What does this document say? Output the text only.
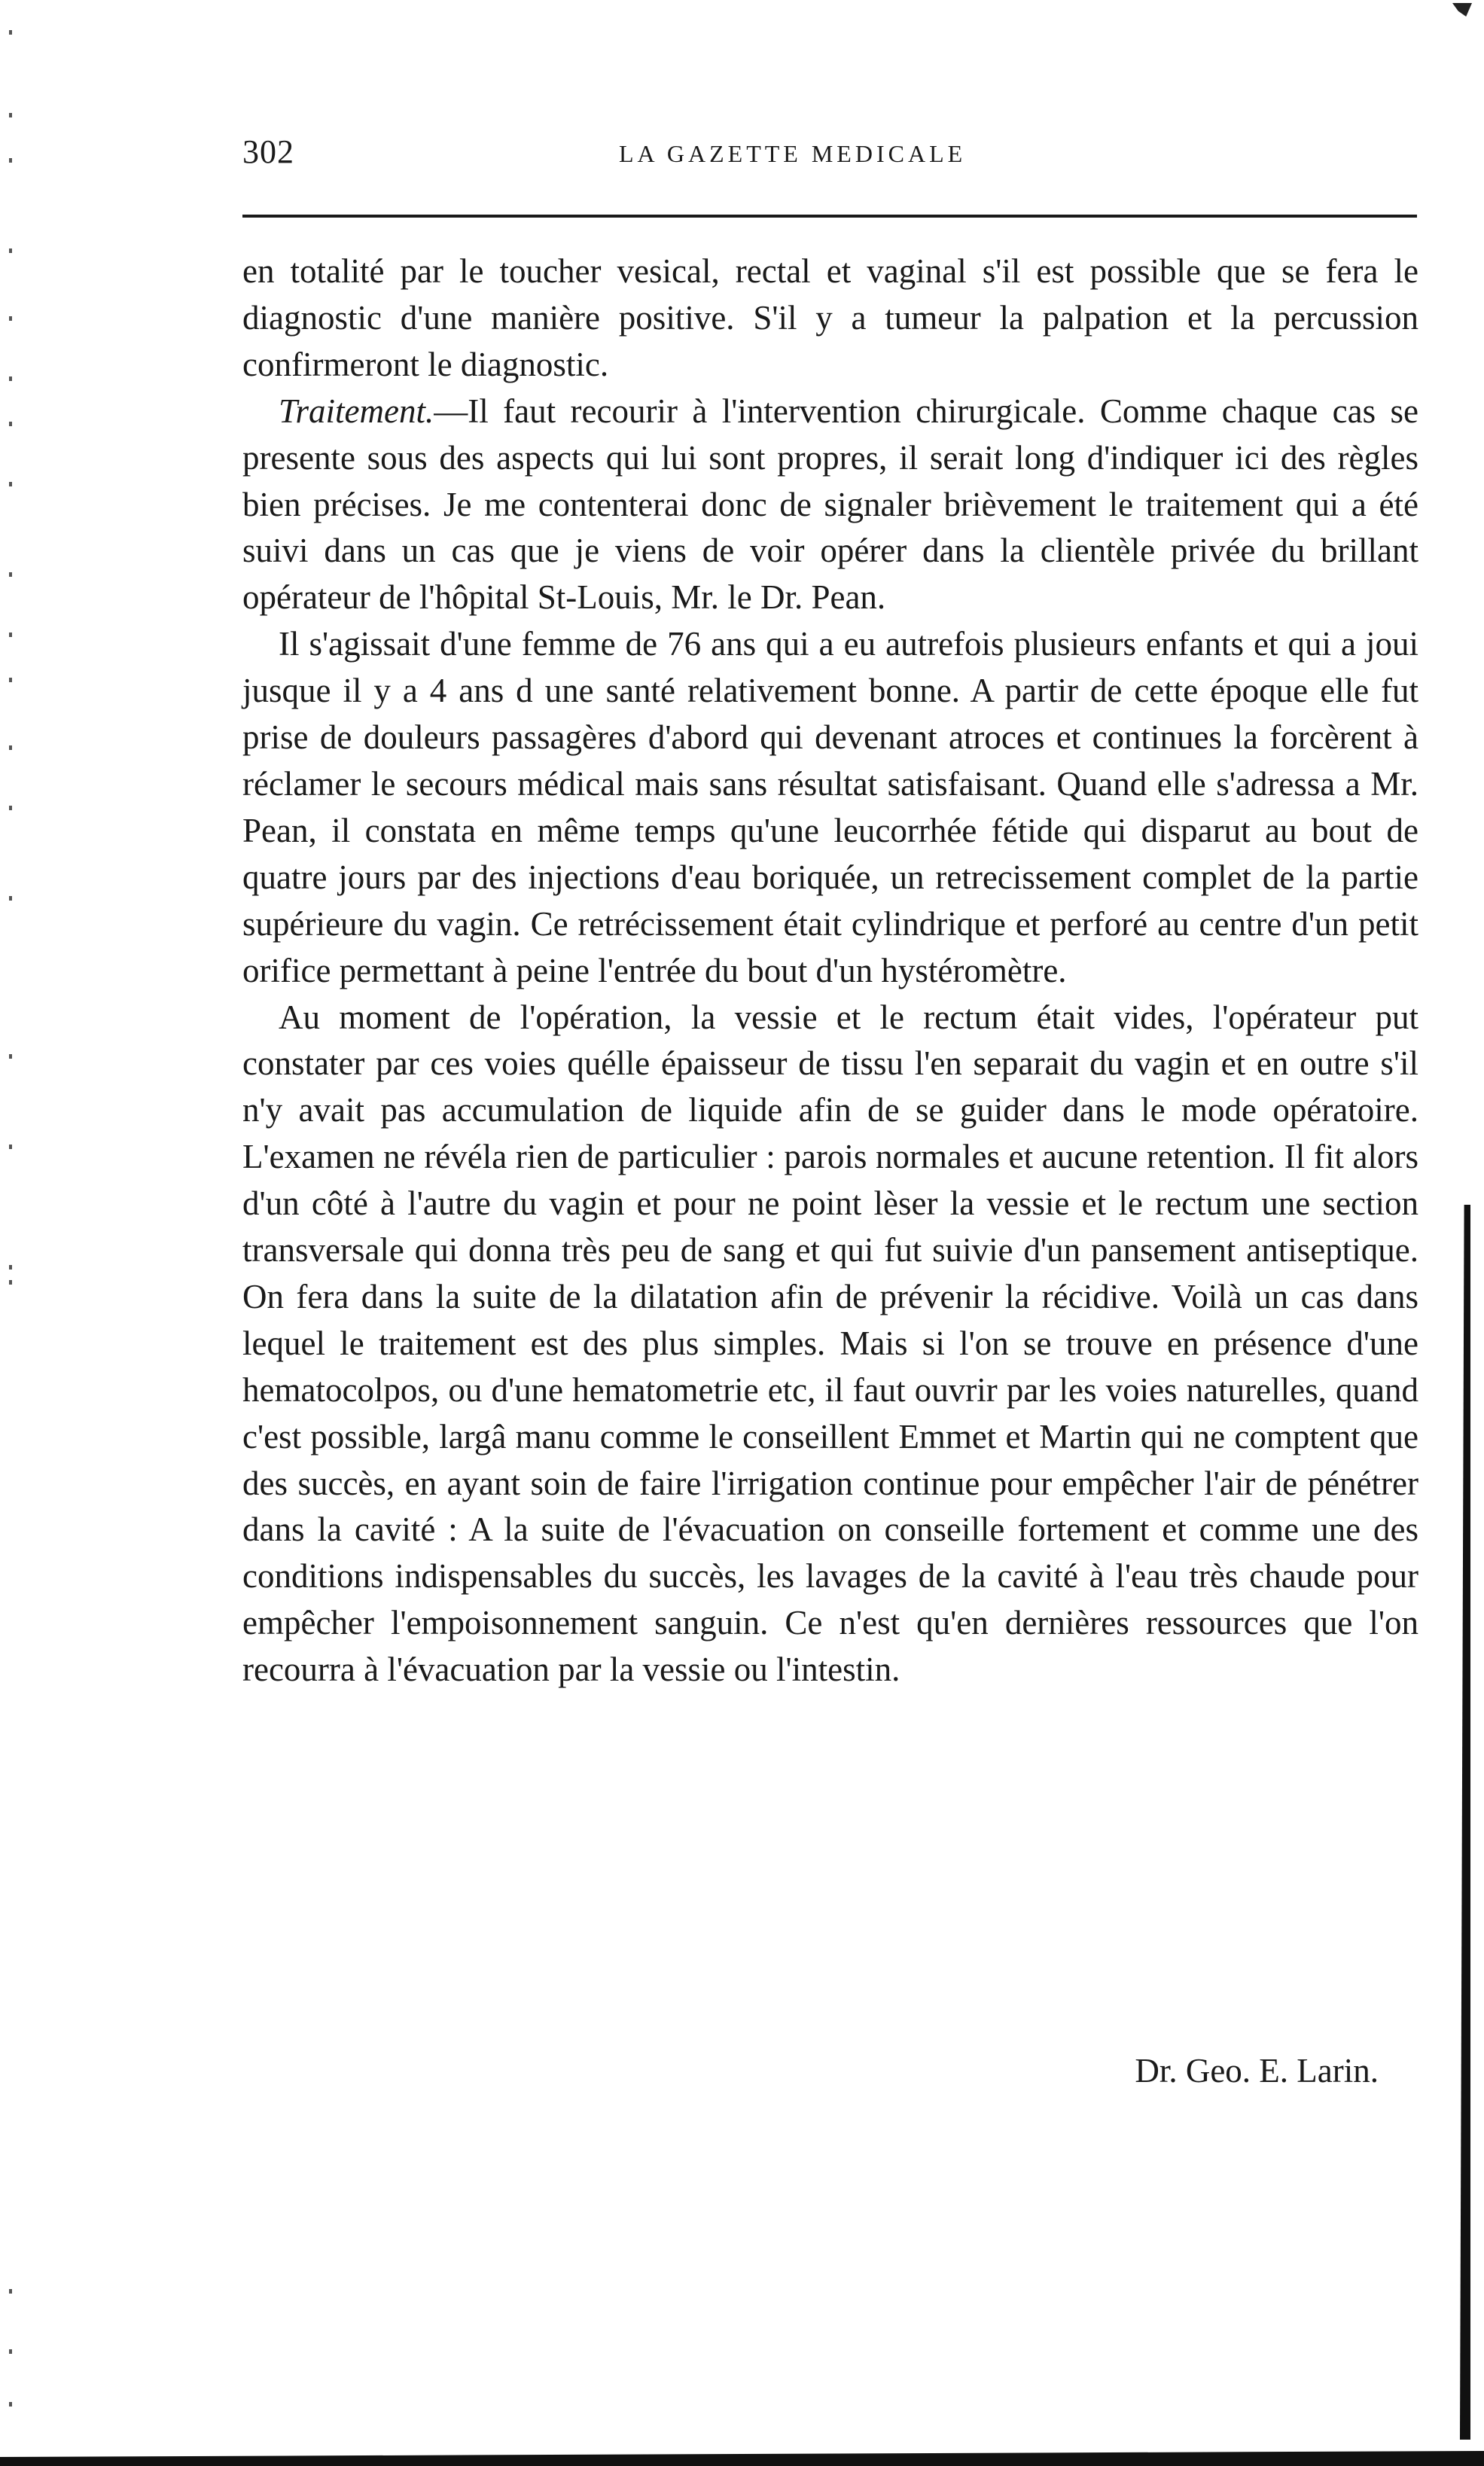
302	LA GAZETTE MEDICALE

en totalité par le toucher vesical, rectal et vaginal s'il est possible que se fera le diagnostic d'une manière positive. S'il y a tumeur la palpation et la percussion confirmeront le diagnostic.

Traitement.—Il faut recourir à l'intervention chirurgicale. Comme chaque cas se presente sous des aspects qui lui sont propres, il serait long d'indiquer ici des règles bien précises. Je me contenterai donc de signaler brièvement le traitement qui a été suivi dans un cas que je viens de voir opérer dans la clientèle privée du brillant opérateur de l'hôpital St-Louis, Mr. le Dr. Pean.

Il s'agissait d'une femme de 76 ans qui a eu autrefois plusieurs enfants et qui a joui jusque il y a 4 ans d une santé relativement bonne. A partir de cette époque elle fut prise de douleurs passagères d'abord qui devenant atroces et continues la forcèrent à réclamer le secours médical mais sans résultat satisfaisant. Quand elle s'adressa a Mr. Pean, il constata en même temps qu'une leucorrhée fétide qui disparut au bout de quatre jours par des injections d'eau boriquée, un retrecissement complet de la partie supérieure du vagin. Ce retrécissement était cylindrique et perforé au centre d'un petit orifice permettant à peine l'entrée du bout d'un hystéromètre.

Au moment de l'opération, la vessie et le rectum était vides, l'opérateur put constater par ces voies quélle épaisseur de tissu l'en separait du vagin et en outre s'il n'y avait pas accumulation de liquide afin de se guider dans le mode opératoire. L'examen ne révéla rien de particulier : parois normales et aucune retention. Il fit alors d'un côté à l'autre du vagin et pour ne point lèser la vessie et le rectum une section transversale qui donna très peu de sang et qui fut suivie d'un pansement antiseptique. On fera dans la suite de la dilatation afin de prévenir la récidive. Voilà un cas dans lequel le traitement est des plus simples. Mais si l'on se trouve en présence d'une hematocolpos, ou d'une hematometrie etc, il faut ouvrir par les voies naturelles, quand c'est possible, largâ manu comme le conseillent Emmet et Martin qui ne comptent que des succès, en ayant soin de faire l'irrigation continue pour empêcher l'air de pénétrer dans la cavité : A la suite de l'évacuation on conseille fortement et comme une des conditions indispensables du succès, les lavages de la cavité à l'eau très chaude pour empêcher l'empoisonnement sanguin. Ce n'est qu'en dernières ressources que l'on recourra à l'évacuation par la vessie ou l'intestin.

Dr. Geo. E. Larin.
